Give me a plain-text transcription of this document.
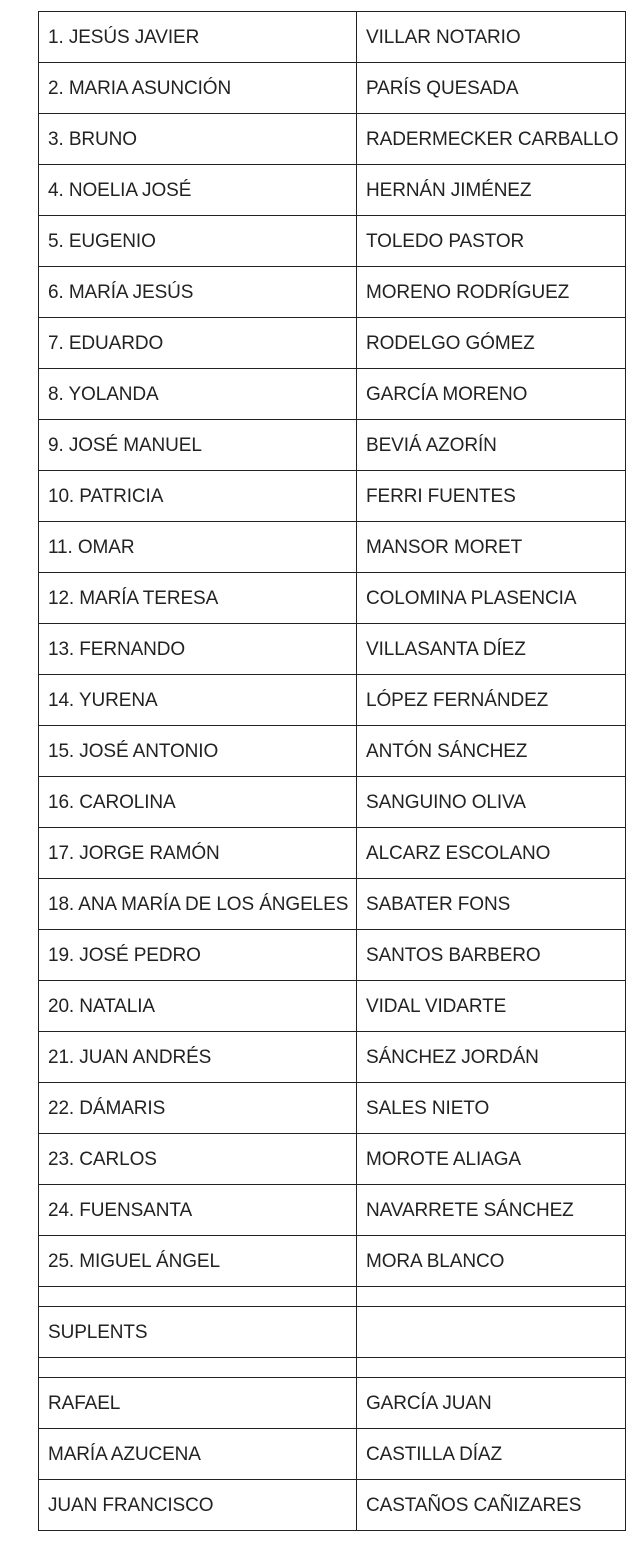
1. JESÚS JAVIER	VILLAR NOTARIO
2. MARIA ASUNCIÓN	PARÍS QUESADA
3. BRUNO	RADERMECKER CARBALLO
4. NOELIA JOSÉ	HERNÁN JIMÉNEZ
5. EUGENIO	TOLEDO PASTOR
6. MARÍA JESÚS	MORENO RODRÍGUEZ
7. EDUARDO	RODELGO GÓMEZ
8. YOLANDA	GARCÍA MORENO
9. JOSÉ MANUEL	BEVIÁ AZORÍN
10. PATRICIA	FERRI FUENTES
11. OMAR	MANSOR MORET
12. MARÍA TERESA	COLOMINA PLASENCIA
13. FERNANDO	VILLASANTA DÍEZ
14. YURENA	LÓPEZ FERNÁNDEZ
15. JOSÉ ANTONIO	ANTÓN SÁNCHEZ
16. CAROLINA	SANGUINO OLIVA
17. JORGE RAMÓN	ALCARZ ESCOLANO
18. ANA MARÍA DE LOS ÁNGELES	SABATER FONS
19. JOSÉ PEDRO	SANTOS BARBERO
20. NATALIA	VIDAL VIDARTE
21. JUAN ANDRÉS	SÁNCHEZ JORDÁN
22. DÁMARIS	SALES NIETO
23. CARLOS	MOROTE ALIAGA
24. FUENSANTA	NAVARRETE SÁNCHEZ
25. MIGUEL ÁNGEL	MORA BLANCO

SUPLENTS	

RAFAEL	GARCÍA JUAN
MARÍA AZUCENA	CASTILLA DÍAZ
JUAN FRANCISCO	CASTAÑOS CAÑIZARES
